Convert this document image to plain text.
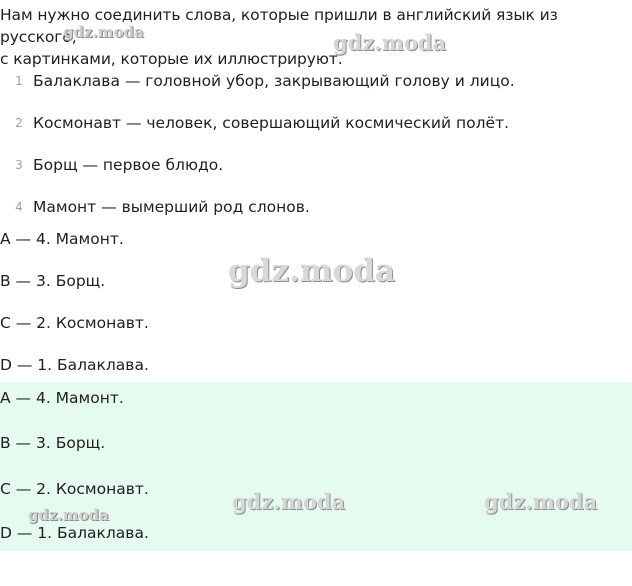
Нам нужно соединить слова, которые пришли в английский язык из русского,

с картинками, которые их иллюстрируют.

1 Балаклава — головной убор, закрывающий голову и лицо.
2 Космонавт — человек, совершающий космический полёт.
3 Борщ — первое блюдо.
4 Мамонт — вымерший род слонов.
A — 4. Мамонт.
B — 3. Борщ.
C — 2. Космонавт.
D — 1. Балаклава.
A — 4. Мамонт.
B — 3. Борщ.
C — 2. Космонавт.
D — 1. Балаклава.
gdz.moda	gdz.moda
gdz.moda
gdz.moda	gdz.moda
gdz.moda
